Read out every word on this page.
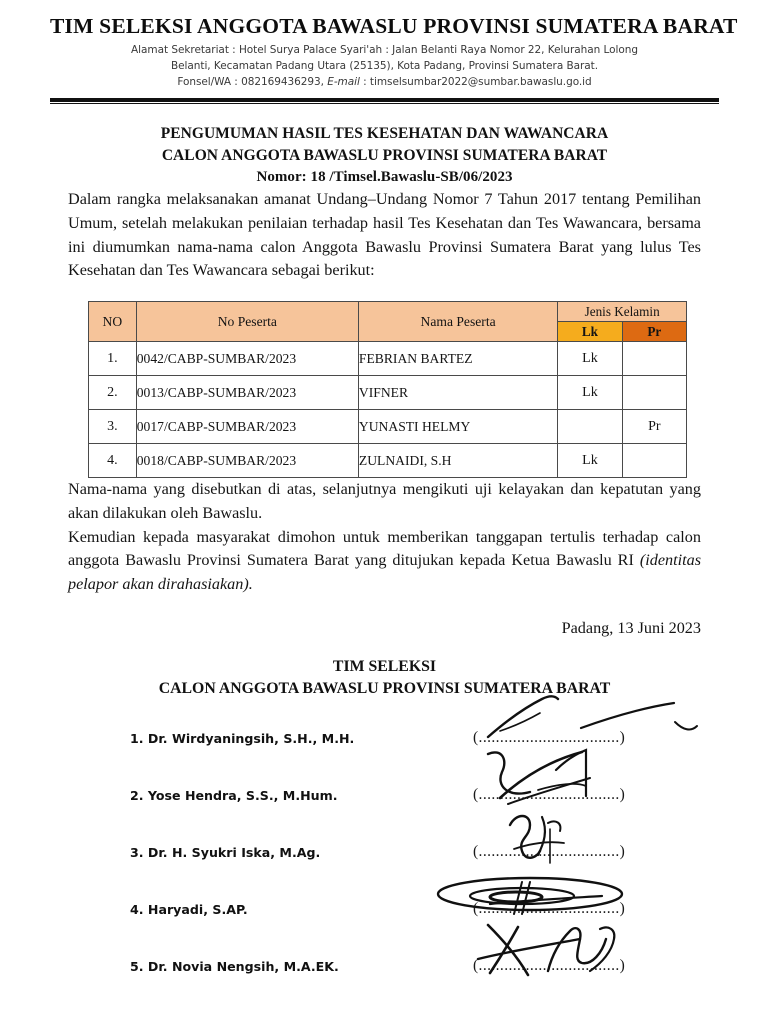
TIM SELEKSI ANGGOTA BAWASLU PROVINSI SUMATERA BARAT
Alamat Sekretariat : Hotel Surya Palace Syari'ah : Jalan Belanti Raya Nomor 22, Kelurahan Lolong
Belanti, Kecamatan Padang Utara (25135), Kota Padang, Provinsi Sumatera Barat.
Fonsel/WA : 082169436293, E-mail : timselsumbar2022@sumbar.bawaslu.go.id
PENGUMUMAN HASIL TES KESEHATAN DAN WAWANCARA
CALON ANGGOTA BAWASLU PROVINSI SUMATERA BARAT
Nomor: 18 /Timsel.Bawaslu-SB/06/2023

Dalam rangka melaksanakan amanat Undang–Undang Nomor 7 Tahun 2017 tentang Pemilihan Umum, setelah melakukan penilaian terhadap hasil Tes Kesehatan dan Tes Wawancara, bersama ini diumumkan nama-nama calon Anggota Bawaslu Provinsi Sumatera Barat yang lulus Tes Kesehatan dan Tes Wawancara sebagai berikut:

NO	No Peserta	Nama Peserta	Jenis Kelamin	
			Lk	Pr
1.	0042/CABP-SUMBAR/2023	FEBRIAN BARTEZ	Lk	
2.	0013/CABP-SUMBAR/2023	VIFNER	Lk	
3.	0017/CABP-SUMBAR/2023	YUNASTI HELMY		Pr
4.	0018/CABP-SUMBAR/2023	ZULNAIDI, S.H	Lk	

Nama-nama yang disebutkan di atas, selanjutnya mengikuti uji kelayakan dan kepatutan yang akan dilakukan oleh Bawaslu.

Kemudian kepada masyarakat dimohon untuk memberikan tanggapan tertulis terhadap calon anggota Bawaslu Provinsi Sumatera Barat yang ditujukan kepada Ketua Bawaslu RI (identitas pelapor akan dirahasiakan).

Padang, 13 Juni 2023
TIM SELEKSI
CALON ANGGOTA BAWASLU PROVINSI SUMATERA BARAT
1. Dr. Wirdyaningsih, S.H., M.H.	(.................................)
2. Yose Hendra, S.S., M.Hum.	(.................................)
3. Dr. H. Syukri Iska, M.Ag.	(.................................)
4. Haryadi, S.AP.	(.................................)
5. Dr. Novia Nengsih, M.A.EK.	(.................................)
